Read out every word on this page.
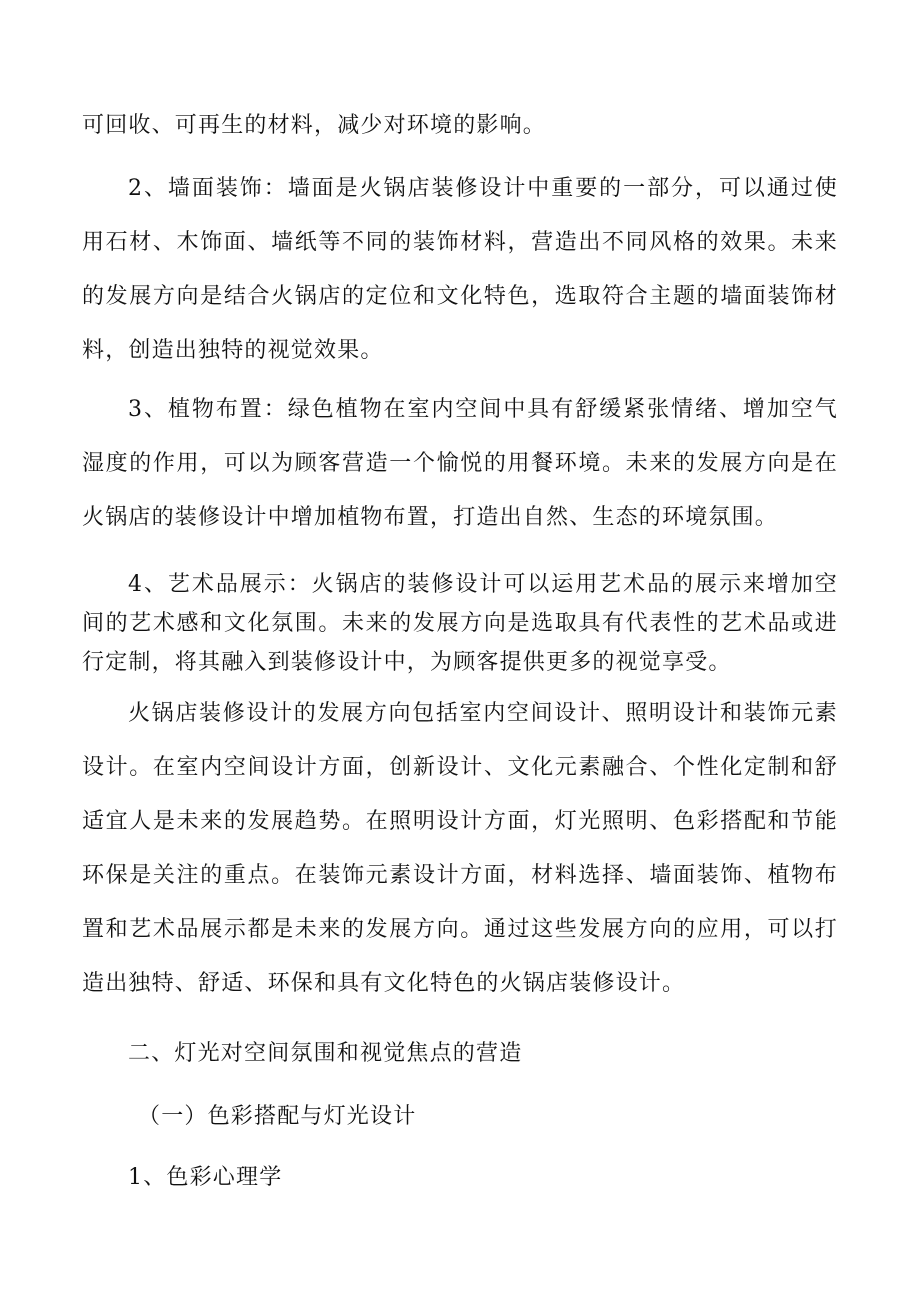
可回收、可再生的材料，减少对环境的影响。

2、墙面装饰：墙面是火锅店装修设计中重要的一部分，可以通过使用石材、木饰面、墙纸等不同的装饰材料，营造出不同风格的效果。未来的发展方向是结合火锅店的定位和文化特色，选取符合主题的墙面装饰材料，创造出独特的视觉效果。

3、植物布置：绿色植物在室内空间中具有舒缓紧张情绪、增加空气湿度的作用，可以为顾客营造一个愉悦的用餐环境。未来的发展方向是在火锅店的装修设计中增加植物布置，打造出自然、生态的环境氛围。

4、艺术品展示：火锅店的装修设计可以运用艺术品的展示来增加空间的艺术感和文化氛围。未来的发展方向是选取具有代表性的艺术品或进行定制，将其融入到装修设计中，为顾客提供更多的视觉享受。

火锅店装修设计的发展方向包括室内空间设计、照明设计和装饰元素设计。在室内空间设计方面，创新设计、文化元素融合、个性化定制和舒适宜人是未来的发展趋势。在照明设计方面，灯光照明、色彩搭配和节能环保是关注的重点。在装饰元素设计方面，材料选择、墙面装饰、植物布置和艺术品展示都是未来的发展方向。通过这些发展方向的应用，可以打造出独特、舒适、环保和具有文化特色的火锅店装修设计。

二、灯光对空间氛围和视觉焦点的营造
（一）色彩搭配与灯光设计
1、色彩心理学
